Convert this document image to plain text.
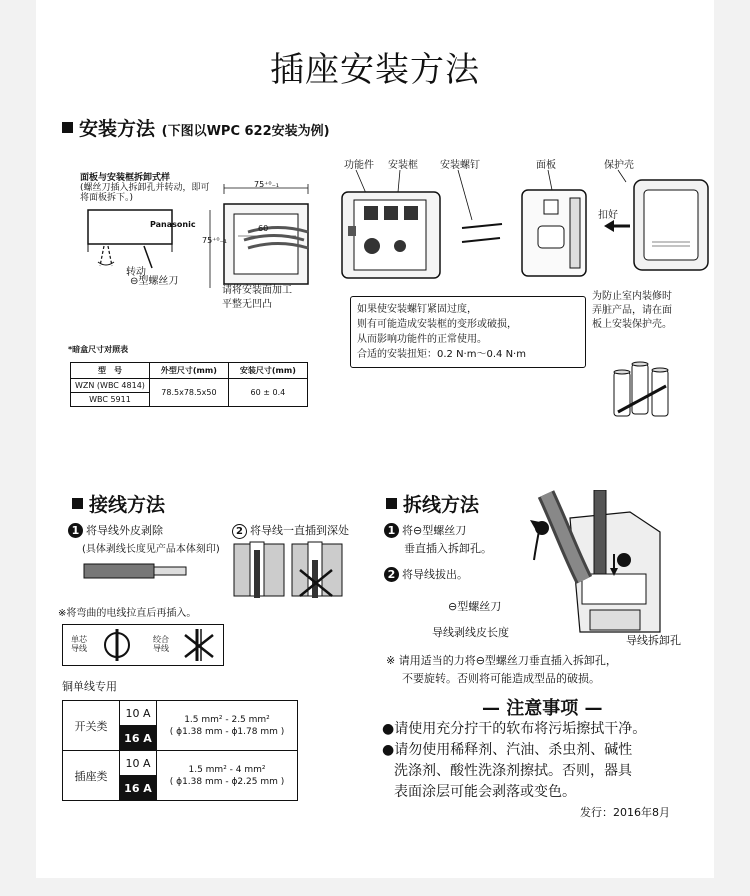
插座安装方法
安装方法 (下图以WPC 622安装为例)
面板与安装框拆卸式样
(螺丝刀插入拆卸孔并转动，即可
将面板拆下。)
Panasonic
转动
⊖型螺丝刀
75⁺⁰₋₁
75⁺⁰₋₁
60
请将安装面加工
平整无凹凸
功能件 安装框 安装螺钉	面板	保护壳
扣好
如果使安装螺钉紧固过度，
则有可能造成安装框的变形或破损，
从而影响功能件的正常使用。
合适的安装扭矩：0.2 N·m～0.4 N·m
为防止室内装修时
弄脏产品，请在面
板上安装保护壳。
*暗盒尺寸对照表
型　号	外型尺寸(mm)	安装尺寸(mm)
WZN (WBC 4814)	78.5x78.5x50	60 ± 0.4
WBC 5911		
接线方法
1 将导线外皮剥除
(具体剥线长度见产品本体刻印)
2 将导线一直插到深处
※将弯曲的电线拉直后再插入。
单芯
导线
绞合
导线
铜单线专用
开关类	10 A	1.5 mm² - 2.5 mm²
( ϕ1.38 mm - ϕ1.78 mm )

	16 A	
插座类	10 A	1.5 mm² - 4 mm²
( ϕ1.38 mm - ϕ2.25 mm )

	16 A	
拆线方法
1 将⊖型螺丝刀
垂直插入拆卸孔。
2 将导线拔出。
⊖型螺丝刀
导线剥线皮长度
导线拆卸孔
※ 请用适当的力将⊖型螺丝刀垂直插入拆卸孔，
不要旋转。否则将可能造成型品的破损。
— 注意事项 —
●请使用充分拧干的软布将污垢擦拭干净。
●请勿使用稀释剂、汽油、杀虫剂、碱性
洗涤剂、酸性洗涤剂擦拭。否则，器具
表面涂层可能会剥落或变色。
发行：2016年8月
